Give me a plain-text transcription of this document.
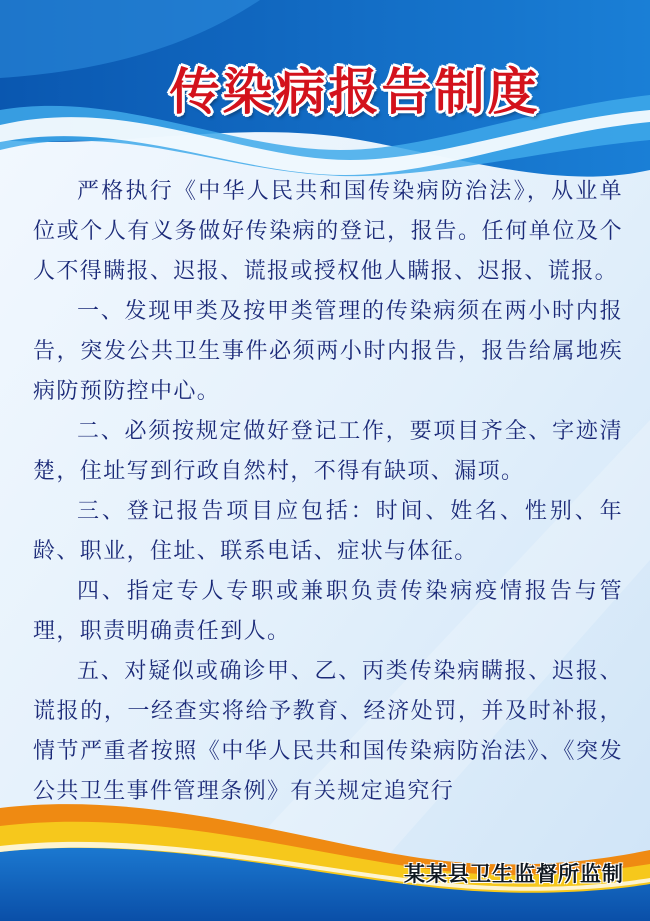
传染病报告制度

严格执行《中华人民共和国传染病防治法》，从业单位或个人有义务做好传染病的登记，报告。任何单位及个人不得瞒报、迟报、谎报或授权他人瞒报、迟报、谎报。

一、发现甲类及按甲类管理的传染病须在两小时内报告，突发公共卫生事件必须两小时内报告，报告给属地疾病防预防控中心。

二、必须按规定做好登记工作，要项目齐全、字迹清楚，住址写到行政自然村，不得有缺项、漏项。

三、登记报告项目应包括：时间、姓名、性别、年龄、职业，住址、联系电话、症状与体征。

四、指定专人专职或兼职负责传染病疫情报告与管理，职责明确责任到人。

五、对疑似或确诊甲、乙、丙类传染病瞒报、迟报、谎报的，一经查实将给予教育、经济处罚，并及时补报，情节严重者按照《中华人民共和国传染病防治法》、《突发公共卫生事件管理条例》有关规定追究行

某某县卫生监督所监制
